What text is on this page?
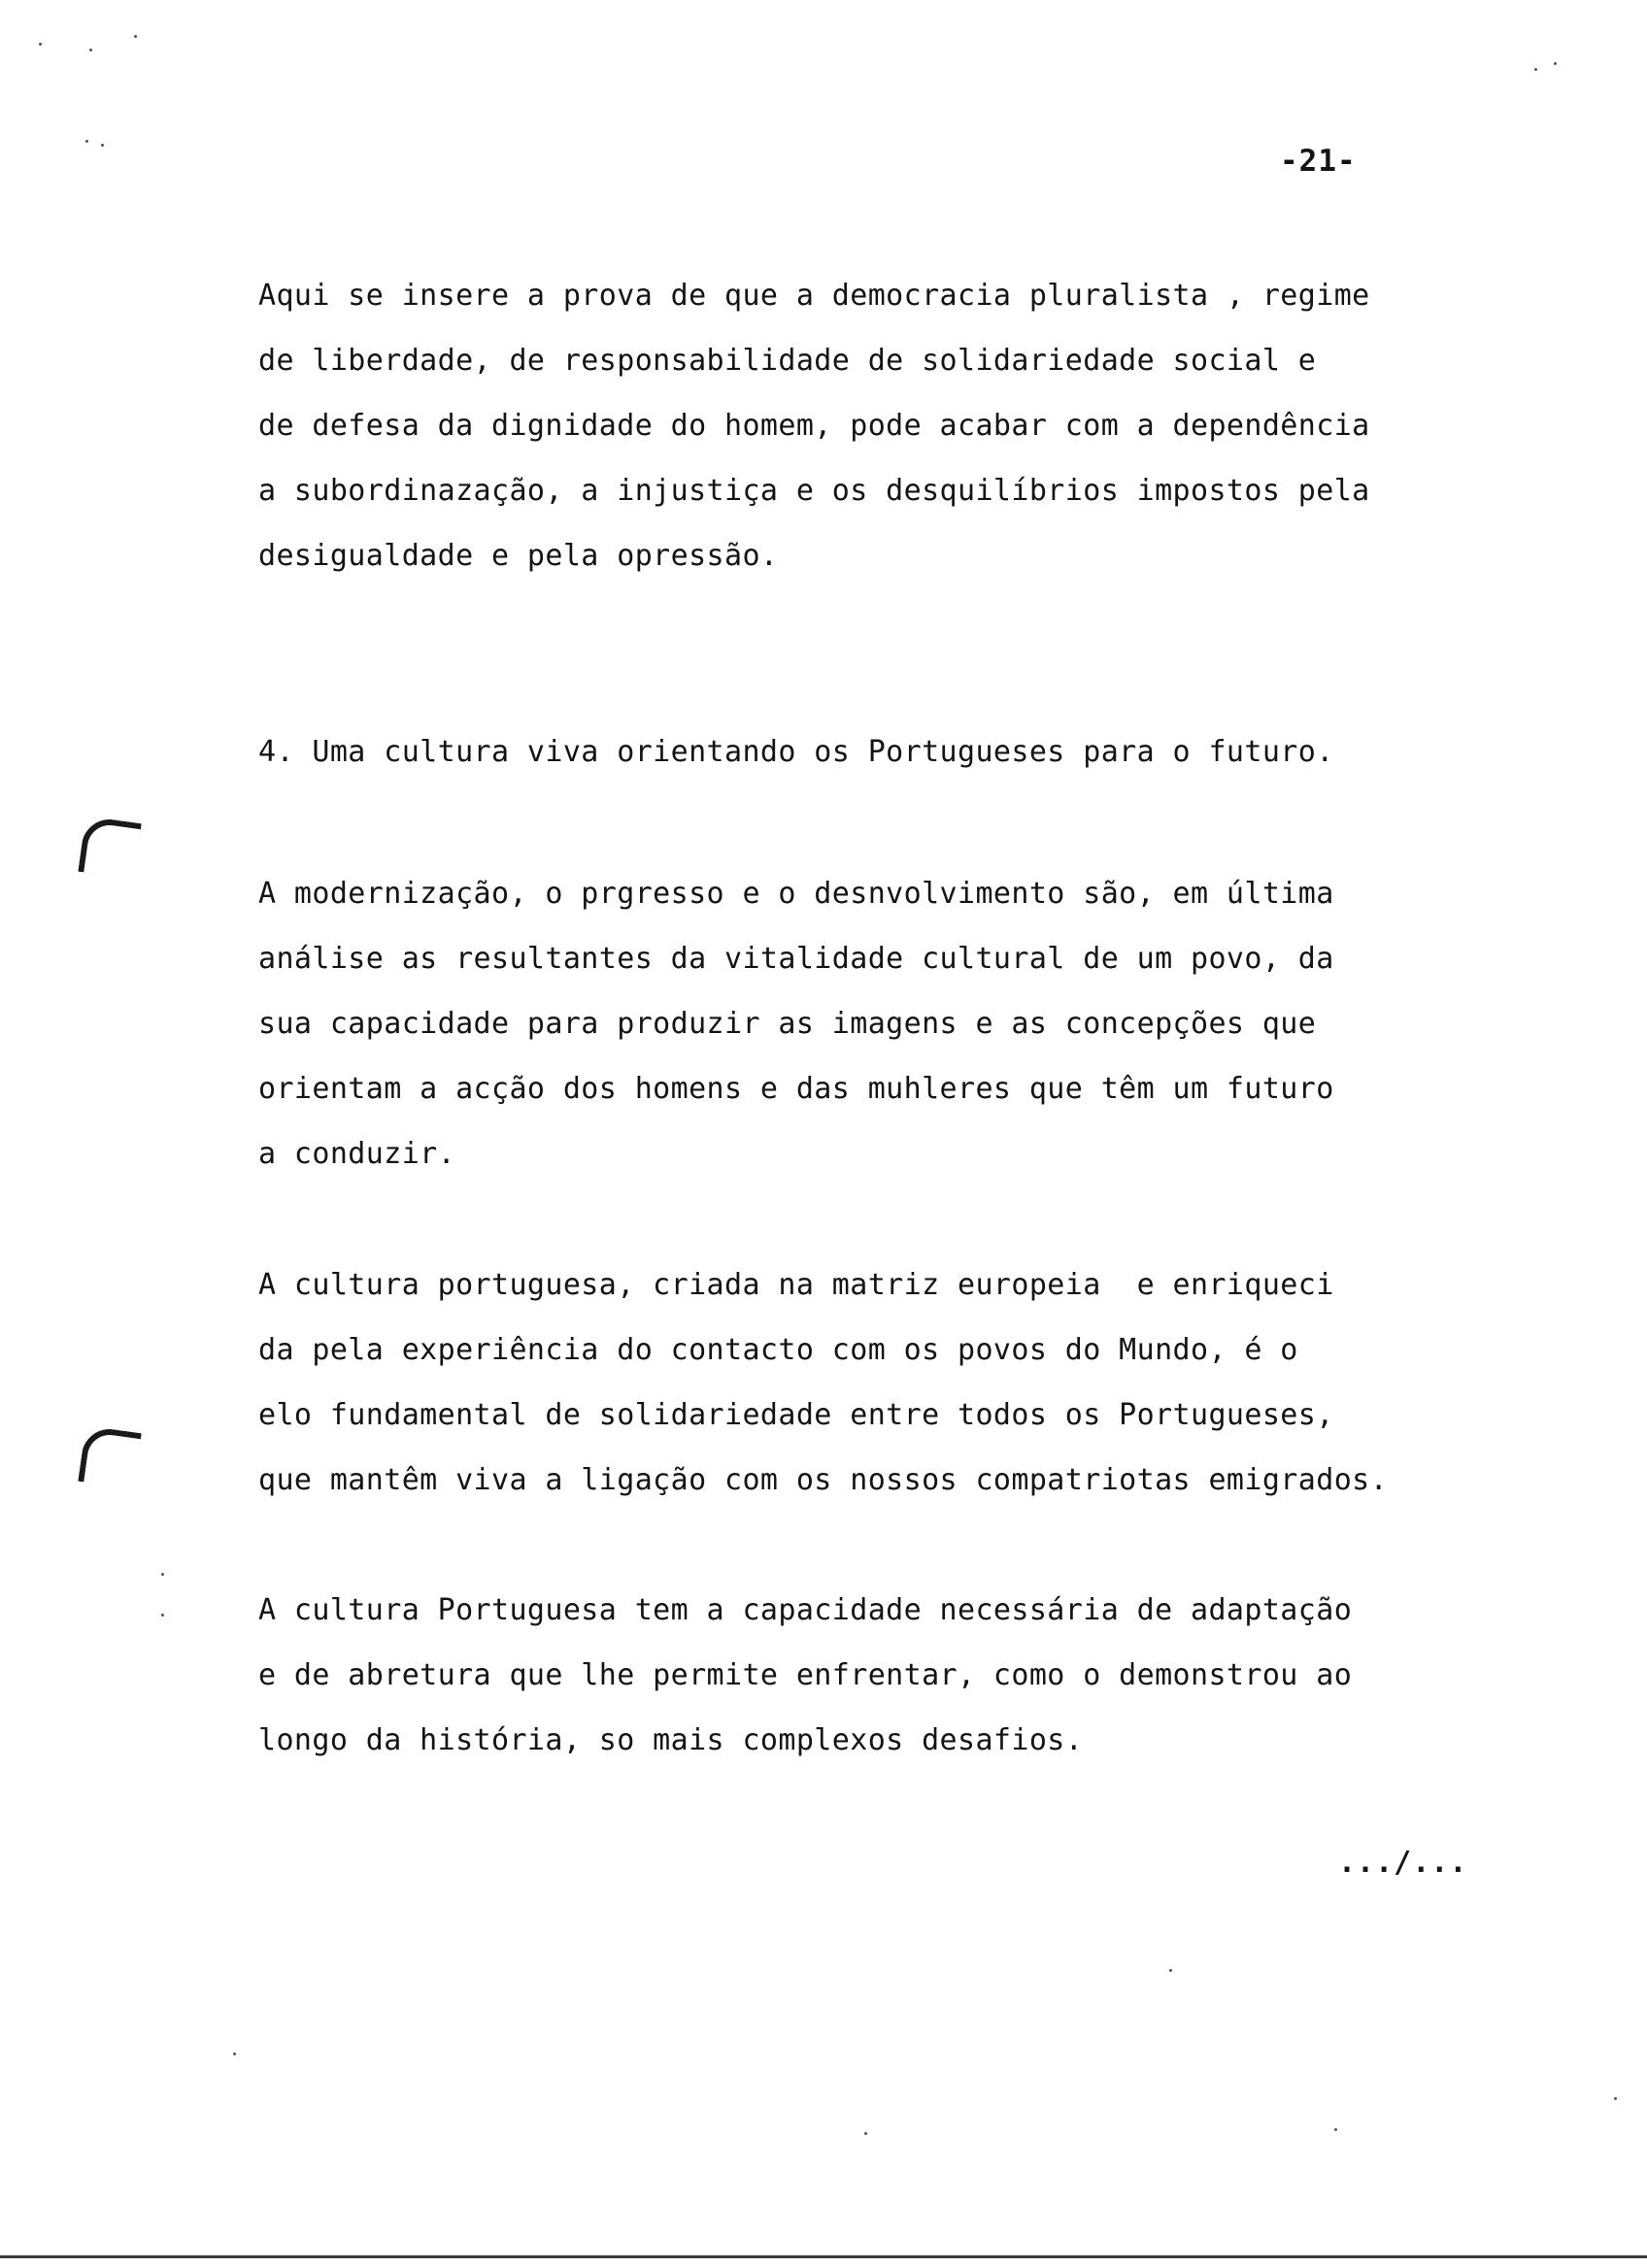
-21-
Aqui se insere a prova de que a democracia pluralista , regime
de liberdade, de responsabilidade de solidariedade social e
de defesa da dignidade do homem, pode acabar com a dependência
a subordinazação, a injustiça e os desquilíbrios impostos pela
desigualdade e pela opressão.
4. Uma cultura viva orientando os Portugueses para o futuro.
A modernização, o prgresso e o desnvolvimento são, em última
análise as resultantes da vitalidade cultural de um povo, da
sua capacidade para produzir as imagens e as concepções que
orientam a acção dos homens e das muhleres que têm um futuro
a conduzir.
A cultura portuguesa, criada na matriz europeia  e enriqueci
da pela experiência do contacto com os povos do Mundo, é o
elo fundamental de solidariedade entre todos os Portugueses,
que mantêm viva a ligação com os nossos compatriotas emigrados.
A cultura Portuguesa tem a capacidade necessária de adaptação
e de abretura que lhe permite enfrentar, como o demonstrou ao
longo da história, so mais complexos desafios.
.../...
